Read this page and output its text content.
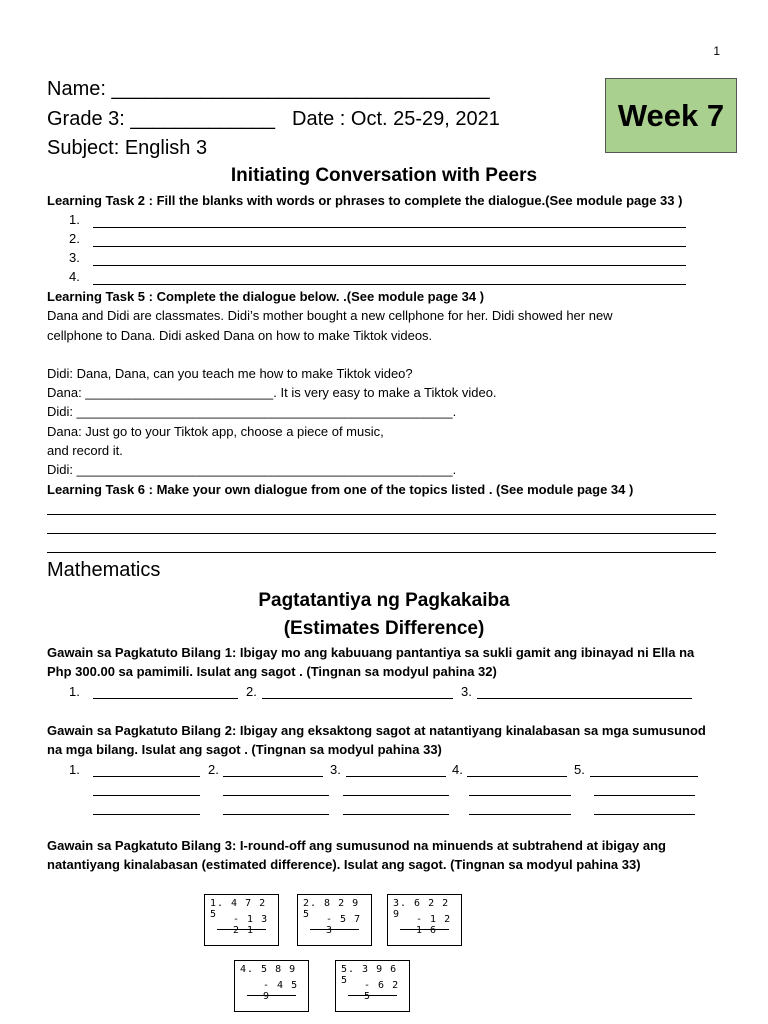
1
Name: __________________________________
Grade 3: _____________ Date : Oct. 25-29, 2021
Subject: English 3
Week 7
Initiating Conversation with Peers
Learning Task 2 : Fill the blanks with words or phrases to complete the dialogue.(See module page 33 )
1.
2.
3.
4.
Learning Task 5 : Complete the dialogue below. .(See module page 34 )
Dana and Didi are classmates. Didi’s mother bought a new cellphone for her. Didi showed her new
cellphone to Dana. Didi asked Dana on how to make Tiktok videos.
Didi: Dana, Dana, can you teach me how to make Tiktok video?
Dana: __________________________. It is very easy to make a Tiktok video.
Didi: ____________________________________________________.
Dana: Just go to your Tiktok app, choose a piece of music,
and record it.
Didi: ____________________________________________________.
Learning Task 6 : Make your own dialogue from one of the topics listed . (See module page 34 )
Mathematics
Pagtatantiya ng Pagkakaiba
(Estimates Difference)
Gawain sa Pagkatuto Bilang 1: Ibigay mo ang kabuuang pantantiya sa sukli gamit ang ibinayad ni Ella na
Php 300.00 sa pamimili. Isulat ang sagot . (Tingnan sa modyul pahina 32)
1.	2.	3.
Gawain sa Pagkatuto Bilang 2: Ibigay ang eksaktong sagot at natantiyang kinalabasan sa mga sumusunod
na mga bilang. Isulat ang sagot . (Tingnan sa modyul pahina 33)
1.	2.	3.	4.	5.
Gawain sa Pagkatuto Bilang 3: I-round-off ang sumusunod na minuends at subtrahend at ibigay ang
natantiyang kinalabasan (estimated difference). Isulat ang sagot. (Tingnan sa modyul pahina 33)
1. 4 7 2 5	- 1 3 2 1
2. 8 2 9 5	- 5 7 3
3. 6 2 2 9	- 1 2 1 6
4. 5 8 9
- 4 5 9
5. 3 9 6 5	- 6 2 5
